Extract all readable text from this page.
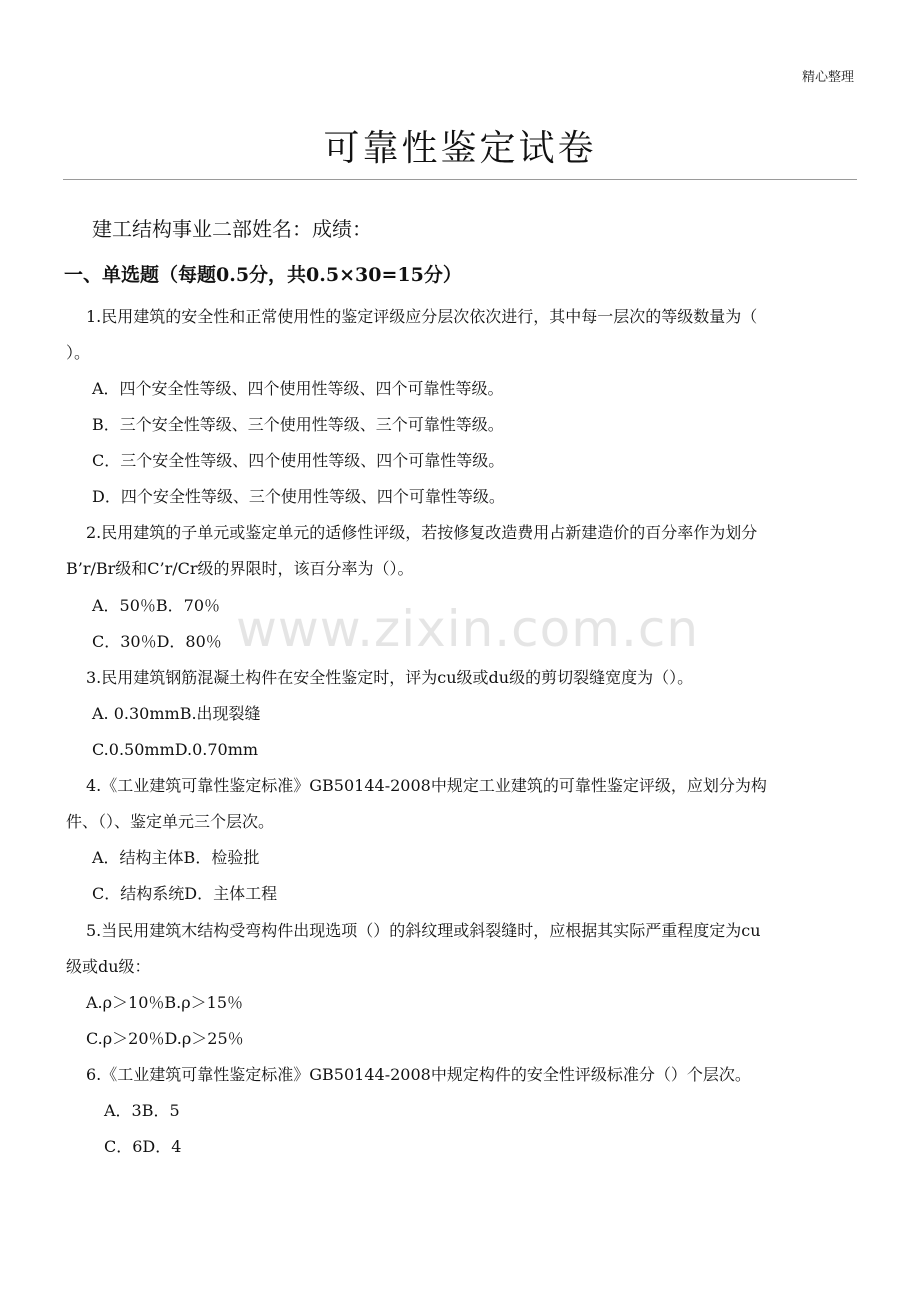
精心整理
可靠性鉴定试卷
建工结构事业二部姓名：成绩：
一、单选题（每题0.5分，共0.5×30=15分）
www.zixin.com.cn
1.民用建筑的安全性和正常使用性的鉴定评级应分层次依次进行，其中每一层次的等级数量为（
）。
A．四个安全性等级、四个使用性等级、四个可靠性等级。
B．三个安全性等级、三个使用性等级、三个可靠性等级。
C．三个安全性等级、四个使用性等级、四个可靠性等级。
D．四个安全性等级、三个使用性等级、四个可靠性等级。
2.民用建筑的子单元或鉴定单元的适修性评级，若按修复改造费用占新建造价的百分率作为划分
B’r/Br级和C’r/Cr级的界限时，该百分率为（）。
A．50％B．70％
C．30％D．80％
3.民用建筑钢筋混凝土构件在安全性鉴定时，评为cu级或du级的剪切裂缝宽度为（）。
A. 0.30mmB.出现裂缝
C.0.50mmD.0.70mm
4.《工业建筑可靠性鉴定标准》GB50144-2008中规定工业建筑的可靠性鉴定评级，应划分为构
件、（）、鉴定单元三个层次。
A．结构主体B．检验批
C．结构系统D．主体工程
5.当民用建筑木结构受弯构件出现选项（）的斜纹理或斜裂缝时，应根据其实际严重程度定为cu
级或du级：
A.ρ＞10％B.ρ＞15％
C.ρ＞20％D.ρ＞25％
6.《工业建筑可靠性鉴定标准》GB50144-2008中规定构件的安全性评级标准分（）个层次。
A．3B．5
C．6D．4
